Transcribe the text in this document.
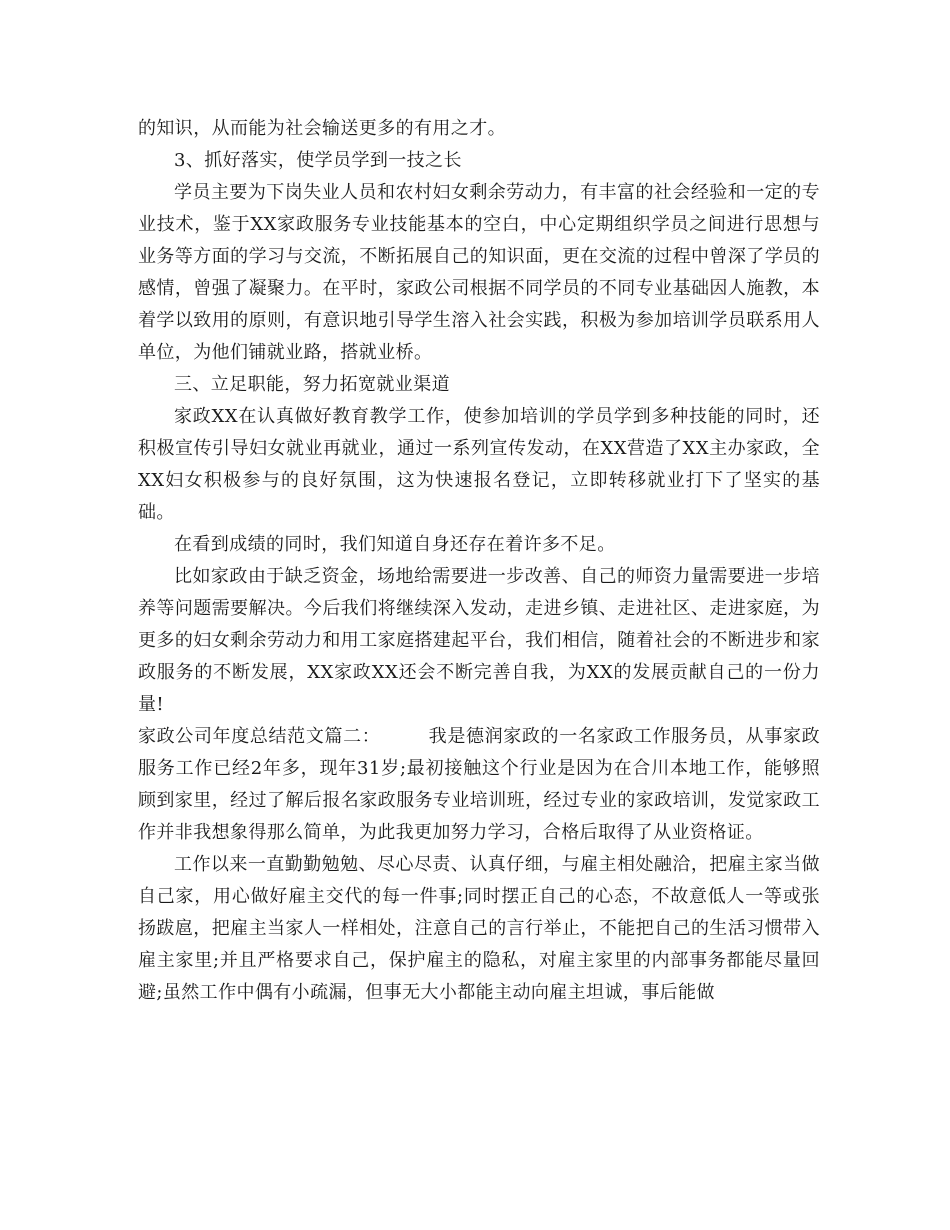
的知识，从而能为社会输送更多的有用之才。

3、抓好落实，使学员学到一技之长

学员主要为下岗失业人员和农村妇女剩余劳动力，有丰富的社会经验和一定的专业技术，鉴于XX家政服务专业技能基本的空白，中心定期组织学员之间进行思想与业务等方面的学习与交流，不断拓展自己的知识面，更在交流的过程中曾深了学员的感情，曾强了凝聚力。在平时，家政公司根据不同学员的不同专业基础因人施教，本着学以致用的原则，有意识地引导学生溶入社会实践，积极为参加培训学员联系用人单位，为他们铺就业路，搭就业桥。

三、立足职能，努力拓宽就业渠道

家政XX在认真做好教育教学工作，使参加培训的学员学到多种技能的同时，还积极宣传引导妇女就业再就业，通过一系列宣传发动，在XX营造了XX主办家政，全XX妇女积极参与的良好氛围，这为快速报名登记，立即转移就业打下了坚实的基础。

在看到成绩的同时，我们知道自身还存在着许多不足。

比如家政由于缺乏资金，场地给需要进一步改善、自己的师资力量需要进一步培养等问题需要解决。今后我们将继续深入发动，走进乡镇、走进社区、走进家庭，为更多的妇女剩余劳动力和用工家庭搭建起平台，我们相信，随着社会的不断进步和家政服务的不断发展，XX家政XX还会不断完善自我，为XX的发展贡献自己的一份力量!

家政公司年度总结范文篇二：	我是德润家政的一名家政工作服务员，从事家政服务工作已经2年多，现年31岁;最初接触这个行业是因为在合川本地工作，能够照顾到家里，经过了解后报名家政服务专业培训班，经过专业的家政培训，发觉家政工作并非我想象得那么简单，为此我更加努力学习，合格后取得了从业资格证。

工作以来一直勤勤勉勉、尽心尽责、认真仔细，与雇主相处融洽，把雇主家当做自己家，用心做好雇主交代的每一件事;同时摆正自己的心态，不故意低人一等或张扬跋扈，把雇主当家人一样相处，注意自己的言行举止，不能把自己的生活习惯带入雇主家里;并且严格要求自己，保护雇主的隐私，对雇主家里的内部事务都能尽量回避;虽然工作中偶有小疏漏，但事无大小都能主动向雇主坦诚，事后能做
